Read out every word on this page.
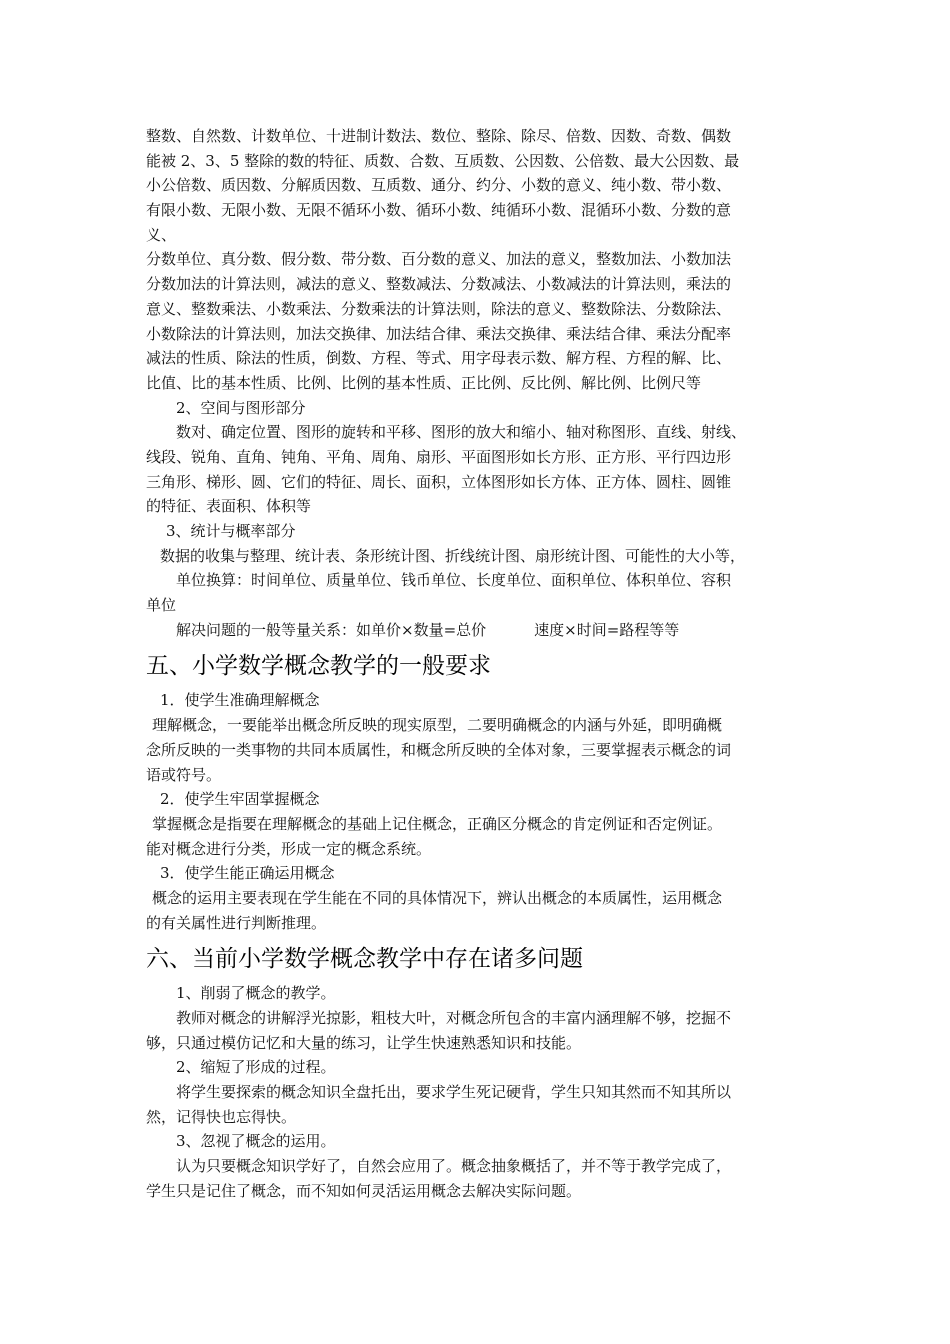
整数、自然数、计数单位、十进制计数法、数位、整除、除尽、倍数、因数、奇数、偶数
能被 2、3、5 整除的数的特征、质数、合数、互质数、公因数、公倍数、最大公因数、最
小公倍数、质因数、分解质因数、互质数、通分、约分、小数的意义、纯小数、带小数、
有限小数、无限小数、无限不循环小数、循环小数、纯循环小数、混循环小数、分数的意
义、
分数单位、真分数、假分数、带分数、百分数的意义、加法的意义，整数加法、小数加法
分数加法的计算法则，减法的意义、整数减法、分数减法、小数减法的计算法则，乘法的
意义、整数乘法、小数乘法、分数乘法的计算法则，除法的意义、整数除法、分数除法、
小数除法的计算法则，加法交换律、加法结合律、乘法交换律、乘法结合律、乘法分配率
减法的性质、除法的性质，倒数、方程、等式、用字母表示数、解方程、方程的解、比、
比值、比的基本性质、比例、比例的基本性质、正比例、反比例、解比例、比例尺等
2、空间与图形部分
数对、确定位置、图形的旋转和平移、图形的放大和缩小、轴对称图形、直线、射线、
线段、锐角、直角、钝角、平角、周角、扇形、平面图形如长方形、正方形、平行四边形
三角形、梯形、圆、它们的特征、周长、面积，立体图形如长方体、正方体、圆柱、圆锥
的特征、表面积、体积等
3、统计与概率部分
数据的收集与整理、统计表、条形统计图、折线统计图、扇形统计图、可能性的大小等，
单位换算：时间单位、质量单位、钱币单位、长度单位、面积单位、体积单位、容积
单位
解决问题的一般等量关系：如单价×数量=总价	速度×时间=路程等等
五、小学数学概念教学的一般要求
1．使学生准确理解概念
理解概念，一要能举出概念所反映的现实原型，二要明确概念的内涵与外延，即明确概
念所反映的一类事物的共同本质属性，和概念所反映的全体对象，三要掌握表示概念的词
语或符号。
2．使学生牢固掌握概念
掌握概念是指要在理解概念的基础上记住概念，正确区分概念的肯定例证和否定例证。
能对概念进行分类，形成一定的概念系统。
3．使学生能正确运用概念
概念的运用主要表现在学生能在不同的具体情况下，辨认出概念的本质属性，运用概念
的有关属性进行判断推理。
六、当前小学数学概念教学中存在诸多问题
1、削弱了概念的教学。
教师对概念的讲解浮光掠影，粗枝大叶，对概念所包含的丰富内涵理解不够，挖掘不
够，只通过模仿记忆和大量的练习，让学生快速熟悉知识和技能。
2、缩短了形成的过程。
将学生要探索的概念知识全盘托出，要求学生死记硬背，学生只知其然而不知其所以
然，记得快也忘得快。
3、忽视了概念的运用。
认为只要概念知识学好了，自然会应用了。概念抽象概括了，并不等于教学完成了，
学生只是记住了概念，而不知如何灵活运用概念去解决实际问题。
